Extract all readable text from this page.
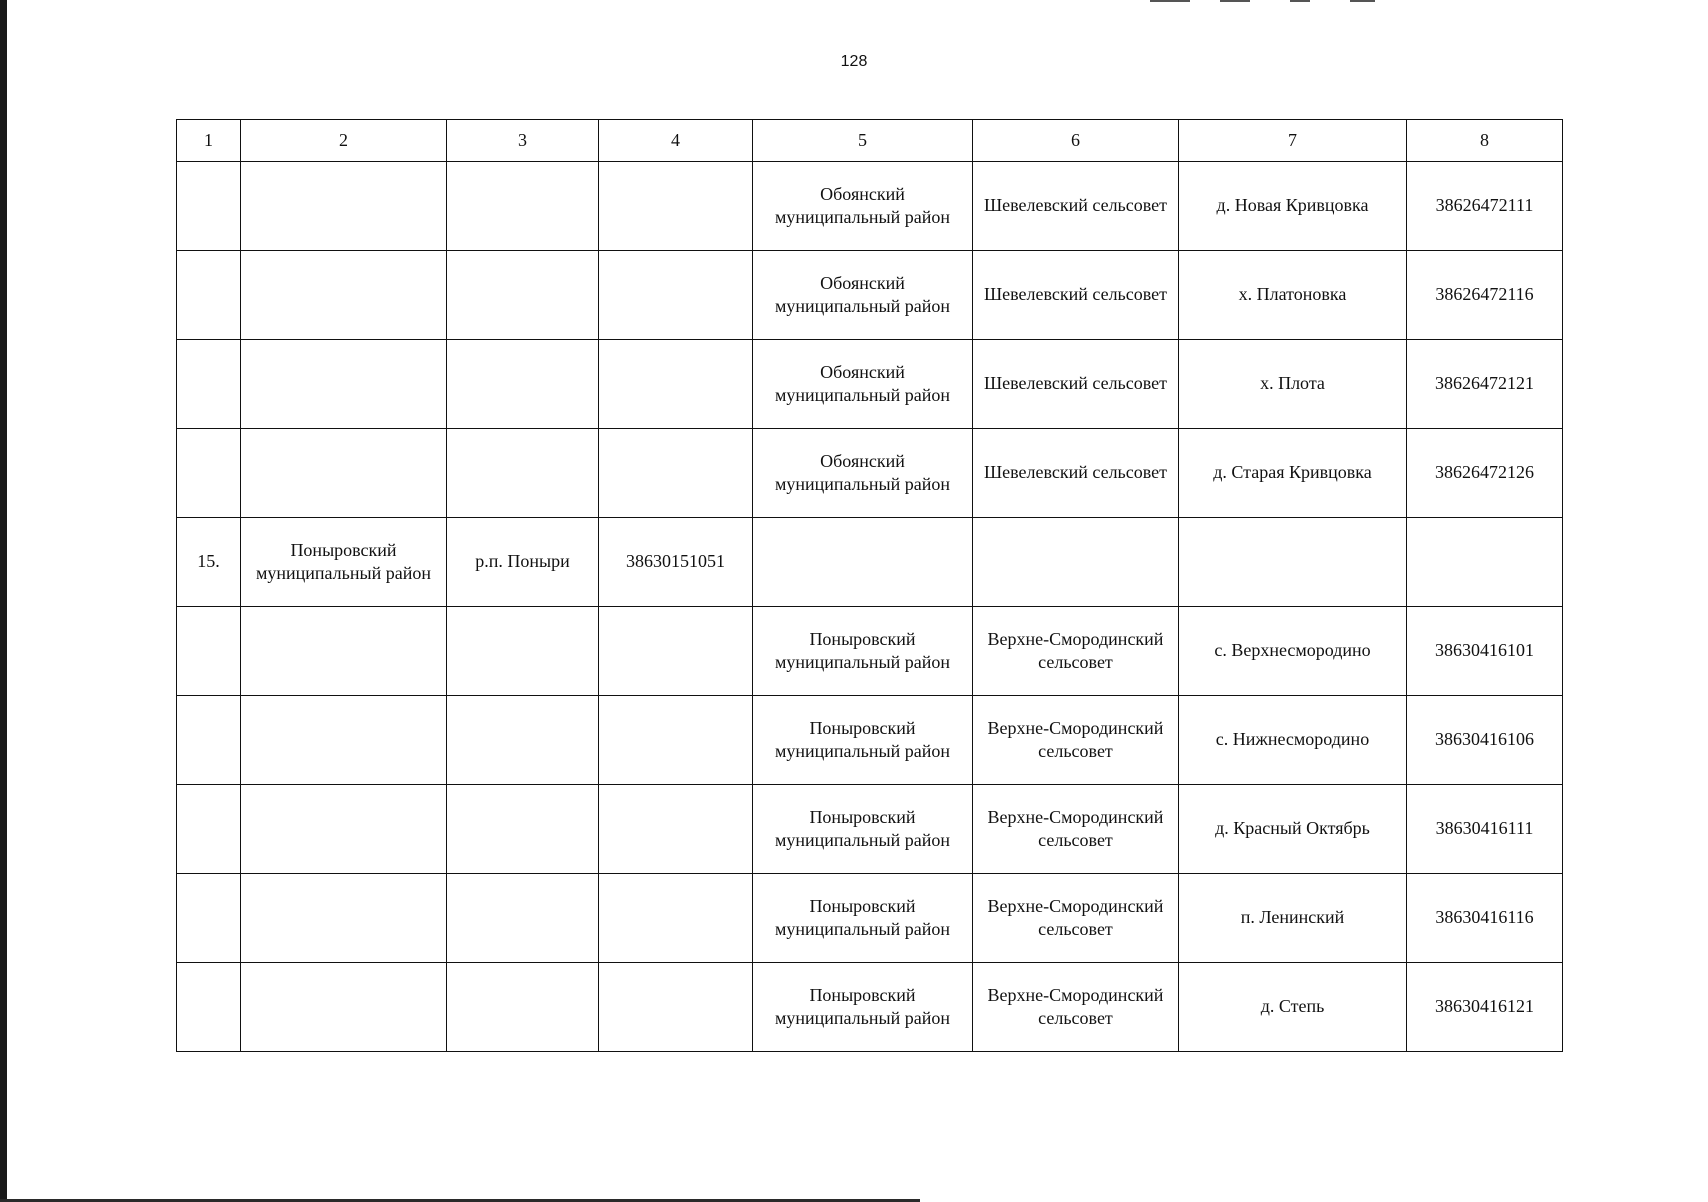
128
1	2	3	4	5	6	7	8
				Обоянский муниципальный район	Шевелевский сельсовет	д. Новая Кривцовка	38626472111
				Обоянский муниципальный район	Шевелевский сельсовет	х. Платоновка	38626472116
				Обоянский муниципальный район	Шевелевский сельсовет	х. Плота	38626472121
				Обоянский муниципальный район	Шевелевский сельсовет	д. Старая Кривцовка	38626472126
15.	Поныровский муниципальный район	р.п. Поныри	38630151051				
				Поныровский муниципальный район	Верхне-Смородинский сельсовет	с. Верхнесмородино	38630416101
				Поныровский муниципальный район	Верхне-Смородинский сельсовет	с. Нижнесмородино	38630416106
				Поныровский муниципальный район	Верхне-Смородинский сельсовет	д. Красный Октябрь	38630416111
				Поныровский муниципальный район	Верхне-Смородинский сельсовет	п. Ленинский	38630416116
				Поныровский муниципальный район	Верхне-Смородинский сельсовет	д. Степь	38630416121
